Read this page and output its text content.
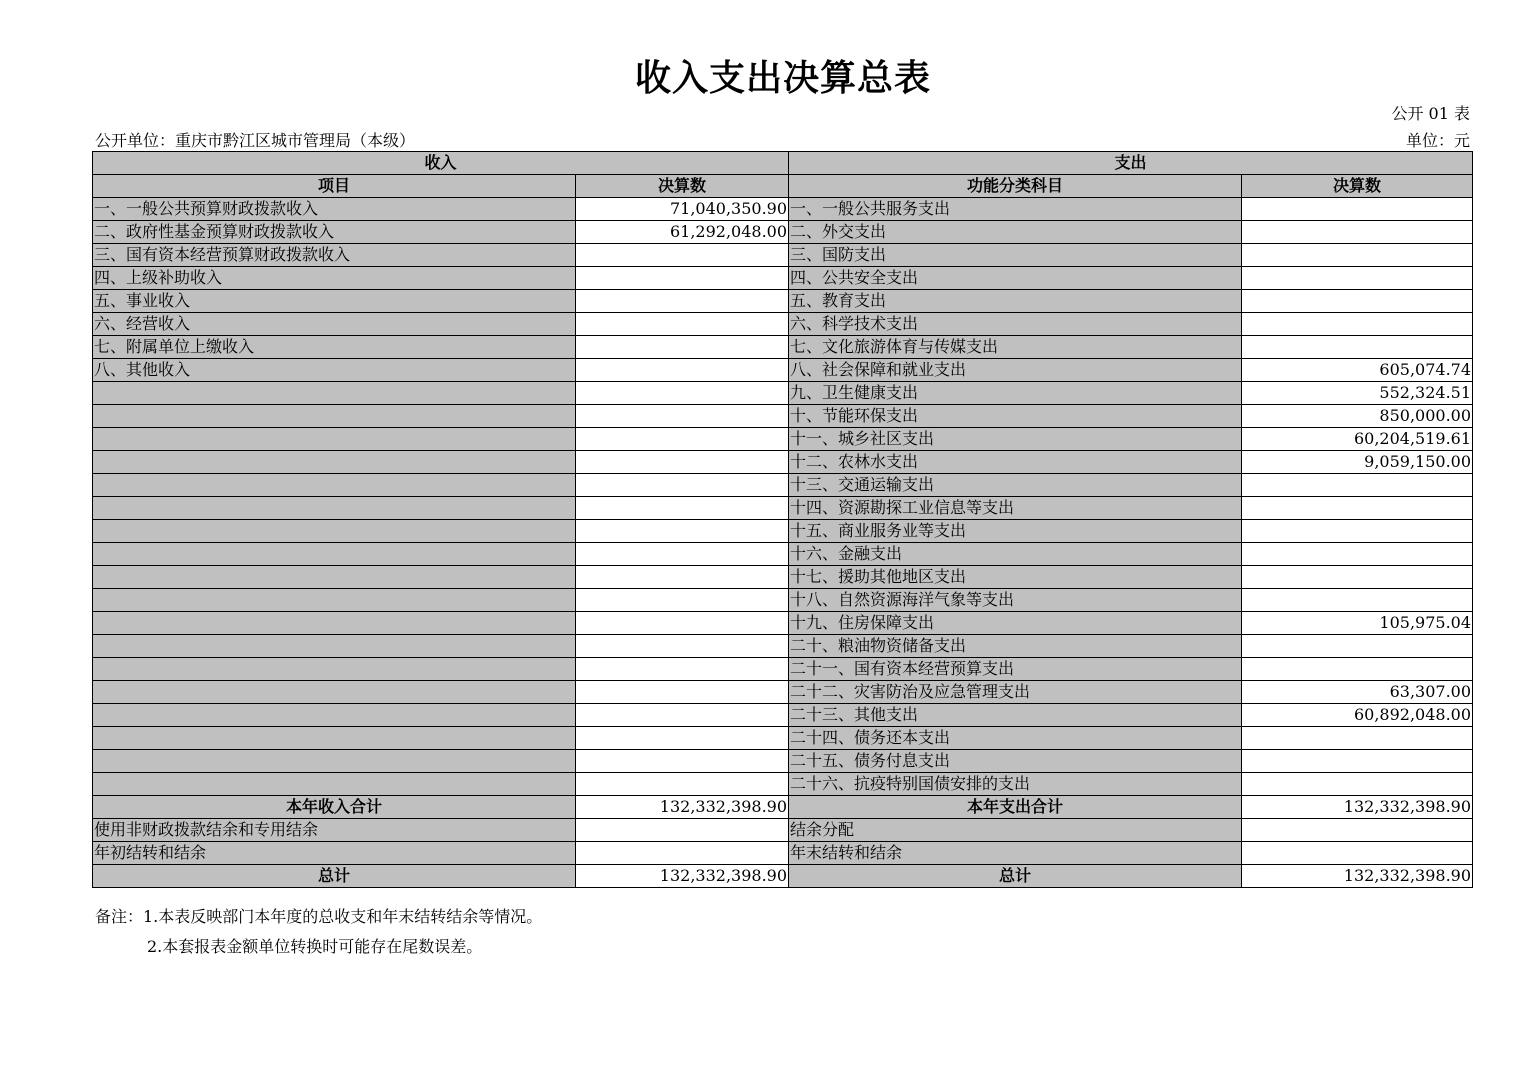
收入支出决算总表
公开 01 表
公开单位：重庆市黔江区城市管理局（本级）	单位：元
收入		支出	
项目	决算数	功能分类科目	决算数
一、一般公共预算财政拨款收入	71,040,350.90	一、一般公共服务支出	
二、政府性基金预算财政拨款收入	61,292,048.00	二、外交支出	
三、国有资本经营预算财政拨款收入		三、国防支出	
四、上级补助收入		四、公共安全支出	
五、事业收入		五、教育支出	
六、经营收入		六、科学技术支出	
七、附属单位上缴收入		七、文化旅游体育与传媒支出	
八、其他收入		八、社会保障和就业支出	605,074.74
		九、卫生健康支出	552,324.51
		十、节能环保支出	850,000.00
		十一、城乡社区支出	60,204,519.61
		十二、农林水支出	9,059,150.00
		十三、交通运输支出	
		十四、资源勘探工业信息等支出	
		十五、商业服务业等支出	
		十六、金融支出	
		十七、援助其他地区支出	
		十八、自然资源海洋气象等支出	
		十九、住房保障支出	105,975.04
		二十、粮油物资储备支出	
		二十一、国有资本经营预算支出	
		二十二、灾害防治及应急管理支出	63,307.00
		二十三、其他支出	60,892,048.00
		二十四、债务还本支出	
		二十五、债务付息支出	
		二十六、抗疫特别国债安排的支出	
本年收入合计	132,332,398.90	本年支出合计	132,332,398.90
使用非财政拨款结余和专用结余		结余分配	
年初结转和结余		年末结转和结余	
总计	132,332,398.90	总计	132,332,398.90
备注：1.本表反映部门本年度的总收支和年末结转结余等情况。
2.本套报表金额单位转换时可能存在尾数误差。
